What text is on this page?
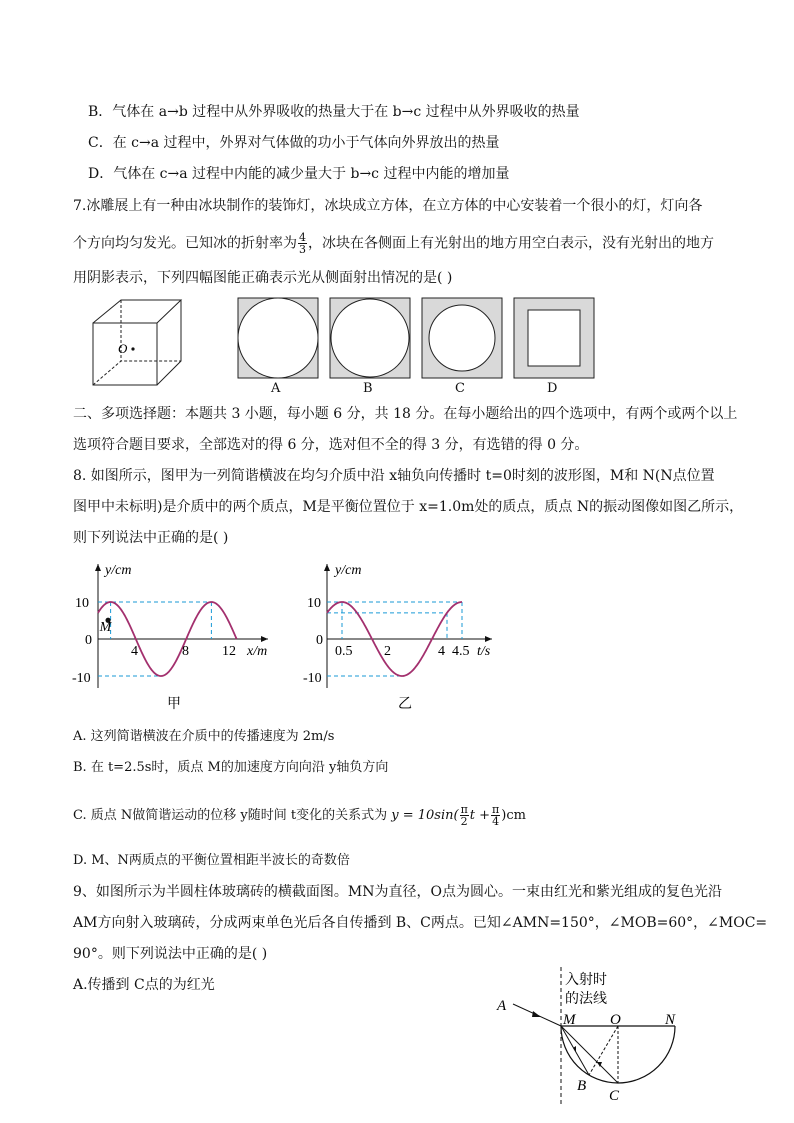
B．气体在 a→b 过程中从外界吸收的热量大于在 b→c 过程中从外界吸收的热量
C．在 c→a 过程中，外界对气体做的功小于气体向外界放出的热量
D．气体在 c→a 过程中内能的减少量大于 b→c 过程中内能的增加量
7.冰雕展上有一种由冰块制作的装饰灯，冰块成立方体，在立方体的中心安装着一个很小的灯，灯向各
个方向均匀发光。已知冰的折射率为 $\frac{4}{3}$ ，冰块在各侧面上有光射出的地方用空白表示，没有光射出的地方
用阴影表示，下列四幅图能正确表示光从侧面射出情况的是( )
O
A	B	C	D
二、多项选择题：本题共 3 小题，每小题 6 分，共 18 分。在每小题给出的四个选项中，有两个或两个以上
选项符合题目要求，全部选对的得 6 分，选对但不全的得 3 分，有选错的得 0 分。
8. 如图所示，图甲为一列简谐横波在均匀介质中沿 x轴负向传播时 t=0时刻的波形图，M和 N(N点位置
图甲中未标明)是介质中的两个质点，M是平衡位置位于 x=1.0m处的质点，质点 N的振动图像如图乙所示，
则下列说法中正确的是( )
M
y/cm
x/m
10
0
-10
4	8 12
甲
y/cm
t/s
10
0
-10
0.5 2	4 4.5
乙
A. 这列简谐横波在介质中的传播速度为 2m/s
B. 在 t=2.5s时，质点 M的加速度方向向沿 y轴负方向
C. 质点 N做简谐运动的位移 y随时间 t变化的关系式为 $y = 10\sin( \frac{\pi}{2}$ $t + \frac{\pi}{4} )cm$
D. M、N两质点的平衡位置相距半波长的奇数倍
9、如图所示为半圆柱体玻璃砖的横截面图。MN为直径，O点为圆心。一束由红光和紫光组成的复色光沿
AM方向射入玻璃砖，分成两束单色光后各自传播到 B、C两点。已知∠AMN=150°，∠MOB=60°，∠MOC=
90°。则下列说法中正确的是( )
A.传播到 C点的为红光	入射时
的法线
A
M O	N
B
C
